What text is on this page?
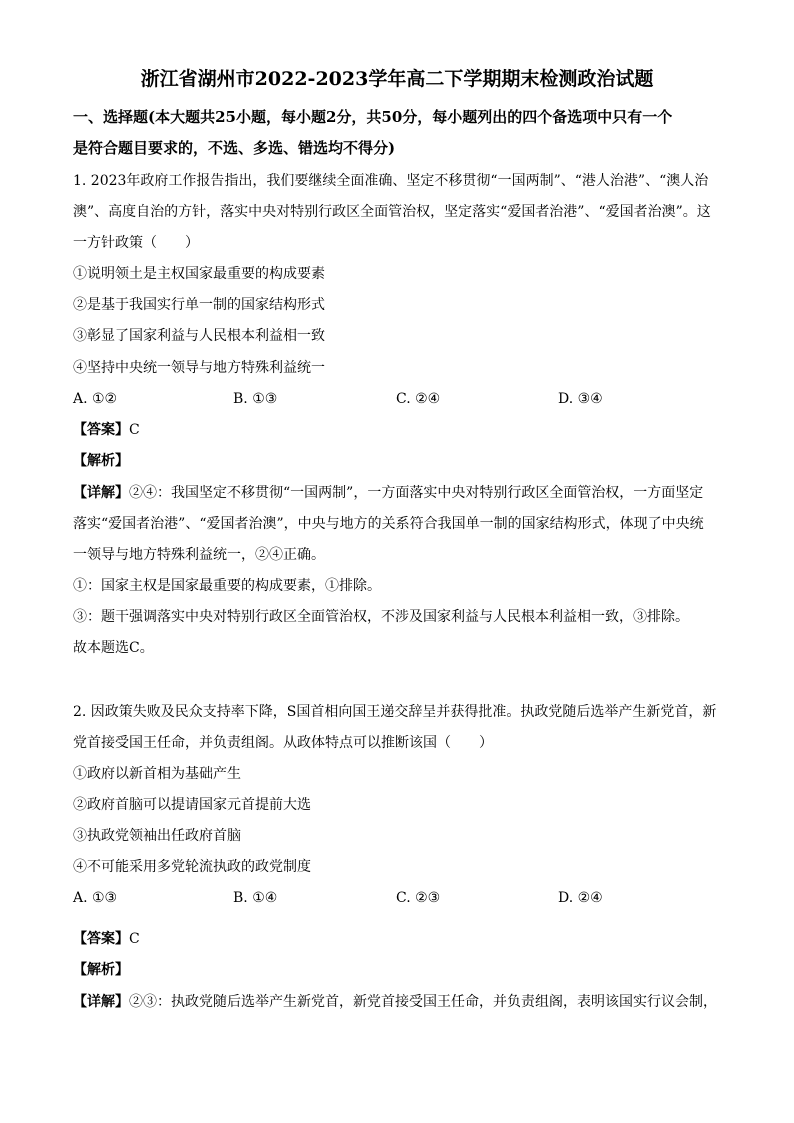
浙江省湖州市2022-2023学年高二下学期期末检测政治试题
一、选择题(本大题共25小题，每小题2分，共50分，每小题列出的四个备选项中只有一个
是符合题目要求的，不选、多选、错选均不得分)
1. 2023年政府工作报告指出，我们要继续全面准确、坚定不移贯彻“一国两制”、“港人治港”、“澳人治
澳”、高度自治的方针，落实中央对特别行政区全面管治权，坚定落实“爱国者治港”、“爱国者治澳”。这
一方针政策（　　）
①说明领土是主权国家最重要的构成要素
②是基于我国实行单一制的国家结构形式
③彰显了国家利益与人民根本利益相一致
④坚持中央统一领导与地方特殊利益统一
A. ①②	B. ①③	C. ②④	D. ③④
【答案】C
【解析】
【详解】②④：我国坚定不移贯彻“一国两制”，一方面落实中央对特别行政区全面管治权，一方面坚定
落实“爱国者治港”、“爱国者治澳”，中央与地方的关系符合我国单一制的国家结构形式，体现了中央统
一领导与地方特殊利益统一，②④正确。
①：国家主权是国家最重要的构成要素，①排除。
③：题干强调落实中央对特别行政区全面管治权，不涉及国家利益与人民根本利益相一致，③排除。
故本题选C。
2. 因政策失败及民众支持率下降，S国首相向国王递交辞呈并获得批准。执政党随后选举产生新党首，新
党首接受国王任命，并负责组阁。从政体特点可以推断该国（　　）
①政府以新首相为基础产生
②政府首脑可以提请国家元首提前大选
③执政党领袖出任政府首脑
④不可能采用多党轮流执政的政党制度
A. ①③	B. ①④	C. ②③	D. ②④
【答案】C
【解析】
【详解】②③：执政党随后选举产生新党首，新党首接受国王任命，并负责组阁，表明该国实行议会制，
